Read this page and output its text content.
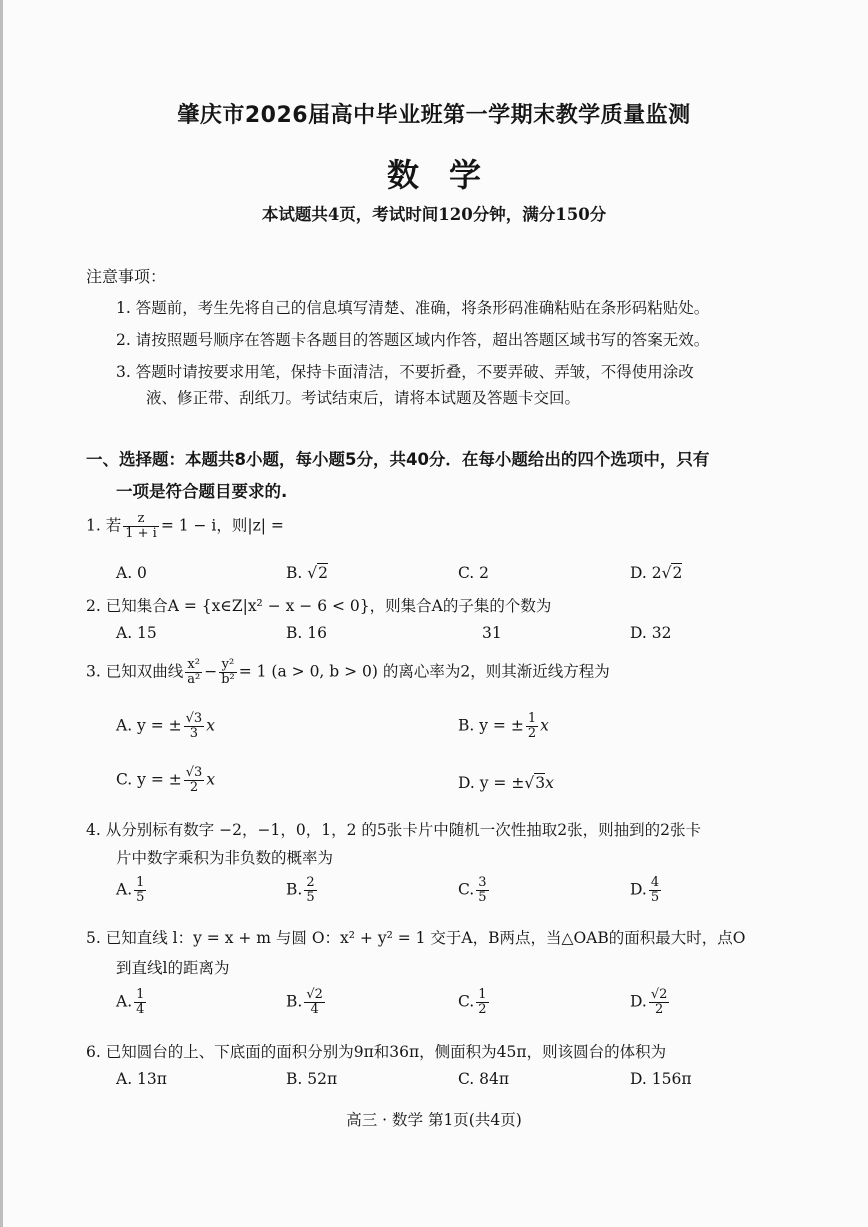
肇庆市2026届高中毕业班第一学期末教学质量监测
数学
本试题共4页，考试时间120分钟，满分150分
注意事项：
1. 答题前，考生先将自己的信息填写清楚、准确，将条形码准确粘贴在条形码粘贴处。
2. 请按照题号顺序在答题卡各题目的答题区域内作答，超出答题区域书写的答案无效。
3. 答题时请按要求用笔，保持卡面清洁，不要折叠，不要弄破、弄皱，不得使用涂改
液、修正带、刮纸刀。考试结束后，请将本试题及答题卡交回。
一、选择题：本题共8小题，每小题5分，共40分．在每小题给出的四个选项中，只有
一项是符合题目要求的.
1. 若 $\frac{z}{1 + i} = 1 - i$，则|z| =
A. 0	B. √2	C. 2	D. 2√2
2. 已知集合A = {x∈Z|x² − x − 6 < 0}，则集合A的子集的个数为
A. 15	B. 16	31	D. 32
3. 已知双曲线 $\frac{\text{x²}}{\text{a²}} - \frac{\text{y²}}{\text{b²}} = 1$ (a > 0, b > 0) 的离心率为2，则其渐近线方程为
A. y = ± $\frac{√3}{3}$ x	B. y = ± $\frac{1}{2}$ x
C. y = ± $\frac{√3}{2}$ x	D. y = ±√3x
4. 从分别标有数字 −2，−1，0，1，2 的5张卡片中随机一次性抽取2张，则抽到的2张卡
片中数字乘积为非负数的概率为
A. $\frac{1}{5}$	B. $\frac{2}{5}$	C. $\frac{3}{5}$	D. $\frac{4}{5}$
5. 已知直线 l：y = x + m 与圆 O：x² + y² = 1 交于A，B两点，当△OAB的面积最大时，点O
到直线l的距离为
A. $\frac{1}{4}$	B. $\frac{√2}{4}$	C. $\frac{1}{2}$	D. $\frac{√2}{2}$
6. 已知圆台的上、下底面的面积分别为9π和36π，侧面积为45π，则该圆台的体积为
A. 13π	B. 52π	C. 84π	D. 156π
高三 · 数学 第1页(共4页)
